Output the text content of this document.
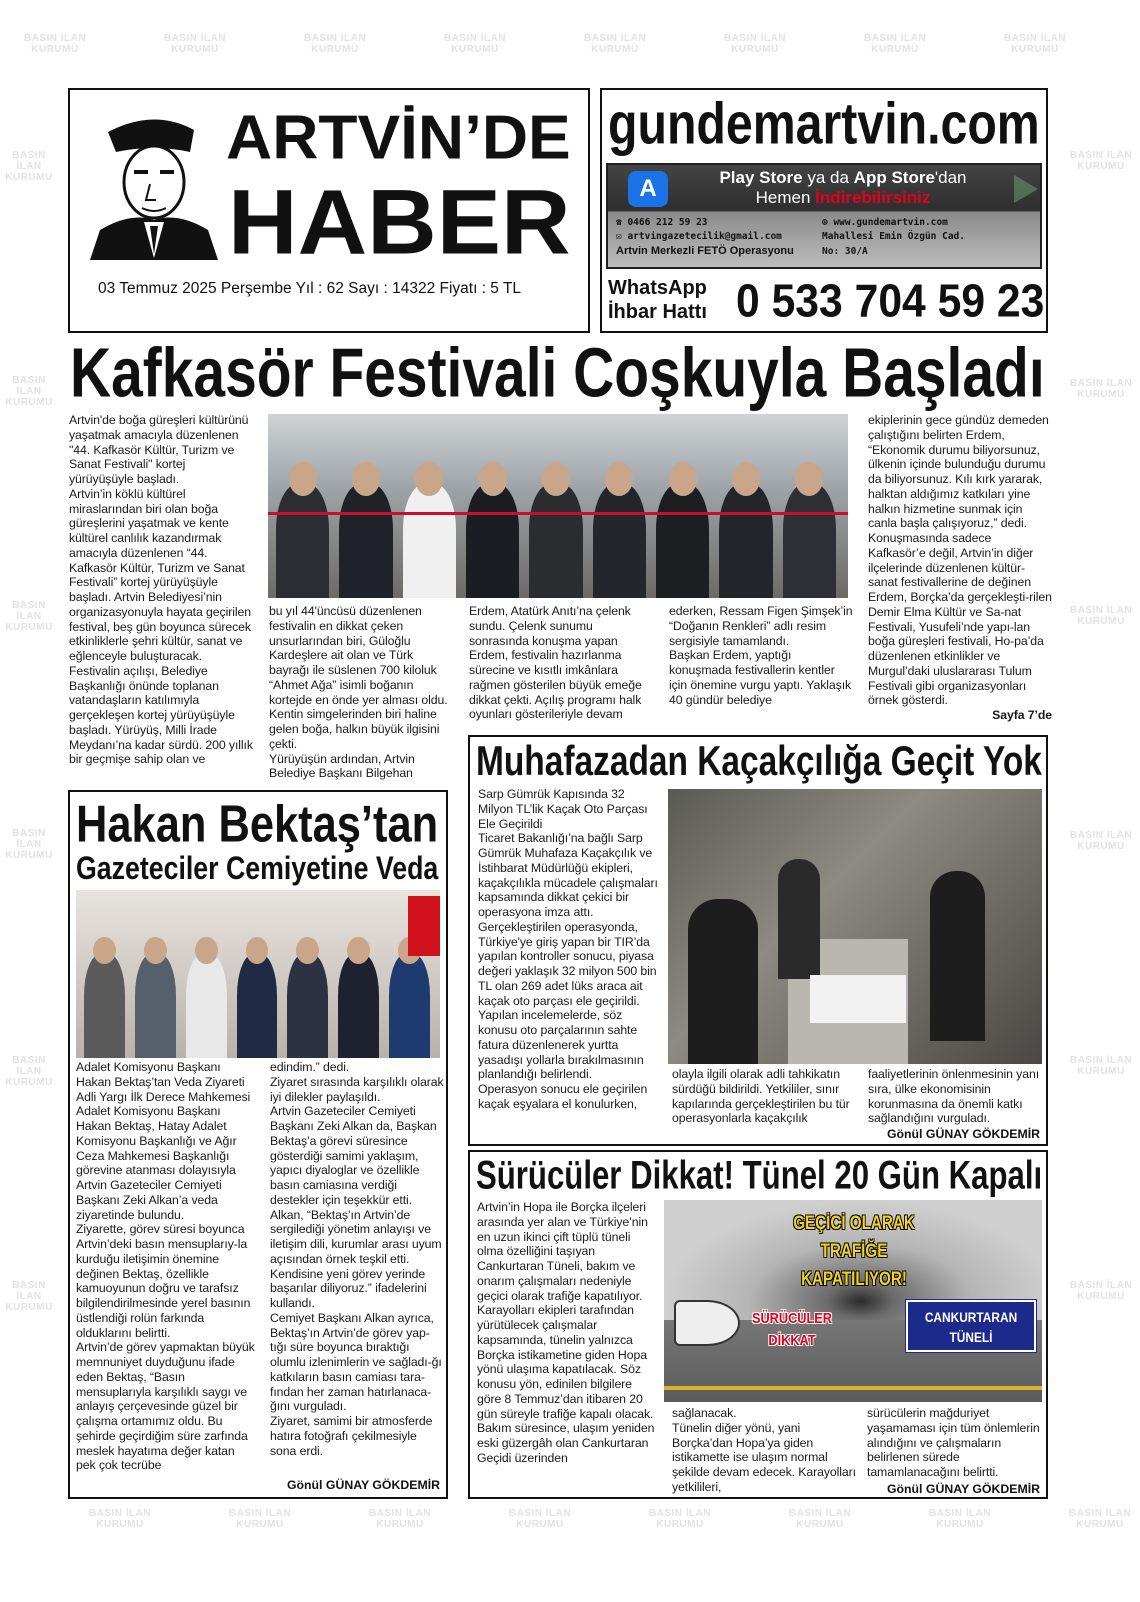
BASIN İLAN KURUMU
BASIN İLAN KURUMU
BASIN İLAN KURUMU
BASIN İLAN KURUMU
BASIN İLAN KURUMU
BASIN İLAN KURUMU
BASIN İLAN KURUMU
BASIN İLAN KURUMU
BASIN İLAN KURUMU
BASIN İLAN KURUMU
BASIN İLAN KURUMU
BASIN İLAN KURUMU
BASIN İLAN KURUMU
BASIN İLAN KURUMU
BASIN İLAN KURUMU
BASIN İLAN KURUMU
BASIN İLAN KURUMU
BASIN İLAN KURUMU
BASIN İLAN KURUMU
BASIN İLAN KURUMU
BASIN İLAN KURUMU
BASIN İLAN KURUMU
BASIN İLAN KURUMU
BASIN İLAN KURUMU
BASIN İLAN KURUMU
BASIN İLAN KURUMU
BASIN İLAN KURUMU
BASIN İLAN KURUMU
ARTVİN’DE
HABER
03 Temmuz 2025 Perşembe Yıl : 62 Sayı : 14322 Fiyatı : 5 TL
gundemartvin.com
A	Play Store ya da App Store'dan
Hemen İndirebilirsiniz
☎ 0466 212 59 23	⊕ www.gundemartvin.com
✉ artvingazetecilik@gmail.com	Mahallesi Emin Özgün Cad.
Artvin Merkezli FETÖ Operasyonu	No: 30/A
WhatsApp
İhbar Hattı 0 533 704 59 23
Kafkasör Festivali Coşkuyla Başladı

Artvin'de boğa güreşleri kültürünü yaşatmak amacıyla düzenlenen "44. Kafkasör Kültür, Turizm ve Sanat Festivali" kortej yürüyüşüyle başladı.

Artvin’in köklü kültürel miraslarından biri olan boğa güreşlerini yaşatmak ve kente kültürel canlılık kazandırmak amacıyla düzenlenen “44. Kafkasör Kültür, Turizm ve Sanat Festivali” kortej yürüyüşüyle başladı. Artvin Belediyesi’nin organizasyonuyla hayata geçirilen festival, beş gün boyunca sürecek etkinliklerle şehri kültür, sanat ve eğlenceyle buluşturacak.

Festivalin açılışı, Belediye Başkanlığı önünde toplanan vatandaşların katılımıyla gerçekleşen kortej yürüyüşüyle başladı. Yürüyüş, Milli İrade Meydanı’na kadar sürdü. 200 yıllık bir geçmişe sahip olan ve

bu yıl 44'üncüsü düzenlenen festivalin en dikkat çeken unsurlarından biri, Güloğlu Kardeşlere ait olan ve Türk bayrağı ile süslenen 700 kiloluk “Ahmet Ağa” isimli boğanın kortejde en önde yer alması oldu. Kentin simgelerinden biri haline gelen boğa, halkın büyük ilgisini çekti.

Yürüyüşün ardından, Artvin Belediye Başkanı Bilgehan

Erdem, Atatürk Anıtı’na çelenk sundu. Çelenk sunumu sonrasında konuşma yapan Erdem, festivalin hazırlanma sürecine ve kısıtlı imkânlara rağmen gösterilen büyük emeğe dikkat çekti. Açılış programı halk oyunları gösterileriyle devam

ederken, Ressam Figen Şimşek’in “Doğanın Renkleri” adlı resim sergisiyle tamamlandı.

Başkan Erdem, yaptığı konuşmada festivallerin kentler için önemine vurgu yaptı. Yaklaşık 40 gündür belediye

ekiplerinin gece gündüz demeden çalıştığını belirten Erdem, “Ekonomik durumu biliyorsunuz, ülkenin içinde bulunduğu durumu da biliyorsunuz. Kılı kırk yararak, halktan aldığımız katkıları yine halkın hizmetine sunmak için canla başla çalışıyoruz,” dedi.

Konuşmasında sadece Kafkasör’e değil, Artvin’in diğer ilçelerinde düzenlenen kültür-sanat festivallerine de değinen Erdem, Borçka’da gerçekleşti-rilen Demir Elma Kültür ve Sa-nat Festivali, Yusufeli’nde yapı-lan boğa güreşleri festivali, Ho-pa’da düzenlenen etkinlikler ve Murgul’daki uluslararası Tulum Festivali gibi organizasyonları örnek gösterdi.

Sayfa 7’de
Muhafazadan Kaçakçılığa Geçit Yok

Sarp Gümrük Kapısında 32 Milyon TL’lik Kaçak Oto Parçası Ele Geçirildi

Ticaret Bakanlığı’na bağlı Sarp Gümrük Muhafaza Kaçakçılık ve İstihbarat Müdürlüğü ekipleri, kaçakçılıkla mücadele çalışmaları kapsamında dikkat çekici bir operasyona imza attı.

Gerçekleştirilen operasyonda, Türkiye'ye giriş yapan bir TIR’da yapılan kontroller sonucu, piyasa değeri yaklaşık 32 milyon 500 bin TL olan 269 adet lüks araca ait kaçak oto parçası ele geçirildi.

Yapılan incelemelerde, söz konusu oto parçalarının sahte fatura düzenlenerek yurtta yasadışı yollarla bırakılmasının planlandığı belirlendi.

Operasyon sonucu ele geçirilen kaçak eşyalara el konulurken,

olayla ilgili olarak adli tahkikatın sürdüğü bildirildi. Yetkililer, sınır kapılarında gerçekleştirilen bu tür operasyonlarla kaçakçılık

faaliyetlerinin önlenmesinin yanı sıra, ülke ekonomisinin korunmasına da önemli katkı sağlandığını vurguladı.

Gönül GÜNAY GÖKDEMİR
Hakan Bektaş’tan
Gazeteciler Cemiyetine Veda

Adalet Komisyonu Başkanı Hakan Bektaş’tan Veda Ziyareti

Adli Yargı İlk Derece Mahkemesi Adalet Komisyonu Başkanı Hakan Bektaş, Hatay Adalet Komisyonu Başkanlığı ve Ağır Ceza Mahkemesi Başkanlığı görevine atanması dolayısıyla Artvin Gazeteciler Cemiyeti Başkanı Zeki Alkan’a veda ziyaretinde bulundu.

Ziyarette, görev süresi boyunca Artvin’deki basın mensuplarıy-la kurduğu iletişimin önemine değinen Bektaş, özellikle kamuoyunun doğru ve tarafsız bilgilendirilmesinde yerel basının üstlendiği rolün farkında olduklarını belirtti.

Artvin’de görev yapmaktan büyük memnuniyet duyduğunu ifade eden Bektaş, “Basın mensuplarıyla karşılıklı saygı ve anlayış çerçevesinde güzel bir çalışma ortamımız oldu. Bu şehirde geçirdiğim süre zarfında meslek hayatıma değer katan pek çok tecrübe

edindim.” dedi.

Ziyaret sırasında karşılıklı olarak iyi dilekler paylaşıldı.

Artvin Gazeteciler Cemiyeti Başkanı Zeki Alkan da, Başkan Bektaş’a görevi süresince gösterdiği samimi yaklaşım, yapıcı diyaloglar ve özellikle basın camiasına verdiği destekler için teşekkür etti.

Alkan, “Bektaş’ın Artvin’de sergilediği yönetim anlayışı ve iletişim dili, kurumlar arası uyum açısından örnek teşkil etti. Kendisine yeni görev yerinde başarılar diliyoruz.” ifadelerini kullandı.

Cemiyet Başkanı Alkan ayrıca, Bektaş’ın Artvin’de görev yap-tığı süre boyunca bıraktığı olumlu izlenimlerin ve sağladı-ğı katkıların basın camiası tara-fından her zaman hatırlanaca-ğını vurguladı.

Ziyaret, samimi bir atmosferde hatıra fotoğrafı çekilmesiyle sona erdi.

Gönül GÜNAY GÖKDEMİR
Sürücüler Dikkat! Tünel 20 Gün Kapalı

Artvin’in Hopa ile Borçka ilçeleri arasında yer alan ve Türkiye’nin en uzun ikinci çift tüplü tüneli olma özelliğini taşıyan Cankurtaran Tüneli, bakım ve onarım çalışmaları nedeniyle geçici olarak trafiğe kapatılıyor.

Karayolları ekipleri tarafından yürütülecek çalışmalar kapsamında, tünelin yalnızca Borçka istikametine giden Hopa yönü ulaşıma kapatılacak. Söz konusu yön, edinilen bilgilere göre 8 Temmuz’dan itibaren 20 gün süreyle trafiğe kapalı olacak. Bakım süresince, ulaşım yeniden eski güzergâh olan Cankurtaran Geçidi üzerinden

GEÇİCİ OLARAK
TRAFİĞE KAPATILIYOR!
SÜRÜCÜLER
DİKKAT
CANKURTARAN
TÜNELİ

sağlanacak.

Tünelin diğer yönü, yani Borçka’dan Hopa’ya giden istikamette ise ulaşım normal şekilde devam edecek. Karayolları yetkilileri,

sürücülerin mağduriyet yaşamaması için tüm önlemlerin alındığını ve çalışmaların belirlenen sürede tamamlanacağını belirtti.

Gönül GÜNAY GÖKDEMİR
